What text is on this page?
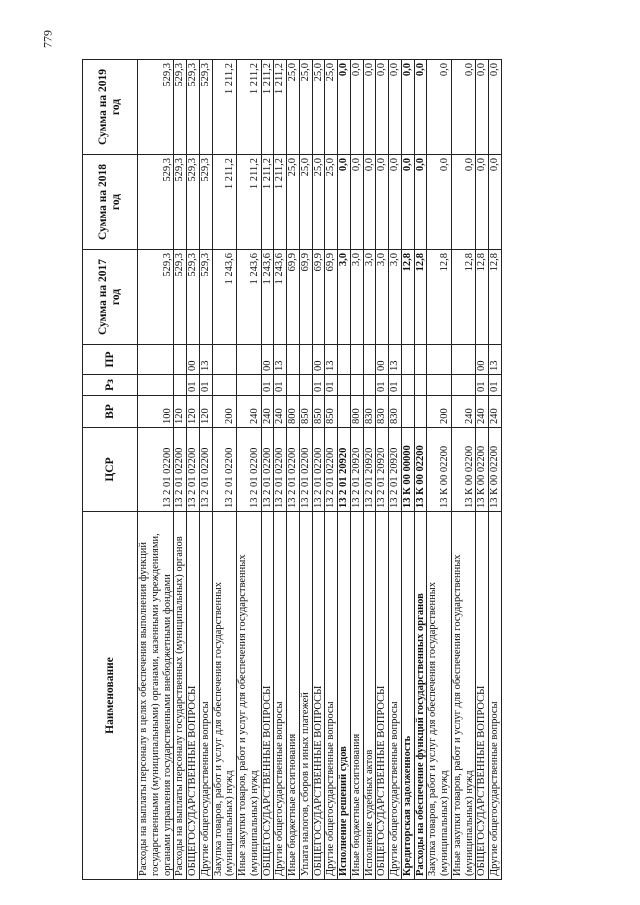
779
Наименование	ЦСР	ВР	Рз	ПР	Сумма на 2017 год	Сумма на 2018 год	Сумма на 2019 год
Расходы на выплаты персоналу в целях обеспечения выполнения функций государственными (муниципальными) органами, казенными учреждениями, органами управления государственными внебюджетными фондами	13 2 01 02200	100			529,3	529,3	529,3
Расходы на выплаты персоналу государственных (муниципальных) органов	13 2 01 02200	120			529,3	529,3	529,3
ОБЩЕГОСУДАРСТВЕННЫЕ ВОПРОСЫ	13 2 01 02200	120	01	00	529,3	529,3	529,3
Другие общегосударственные вопросы	13 2 01 02200	120	01	13	529,3	529,3	529,3
Закупка товаров, работ и услуг для обеспечения государственных (муниципальных) нужд	13 2 01 02200	200			1 243,6	1 211,2	1 211,2
Иные закупки товаров, работ и услуг для обеспечения государственных (муниципальных) нужд	13 2 01 02200	240			1 243,6	1 211,2	1 211,2
ОБЩЕГОСУДАРСТВЕННЫЕ ВОПРОСЫ	13 2 01 02200	240	01	00	1 243,6	1 211,2	1 211,2
Другие общегосударственные вопросы	13 2 01 02200	240	01	13	1 243,6	1 211,2	1 211,2
Иные бюджетные ассигнования	13 2 01 02200	800			69,9	25,0	25,0
Уплата налогов, сборов и иных платежей	13 2 01 02200	850			69,9	25,0	25,0
ОБЩЕГОСУДАРСТВЕННЫЕ ВОПРОСЫ	13 2 01 02200	850	01	00	69,9	25,0	25,0
Другие общегосударственные вопросы	13 2 01 02200	850	01	13	69,9	25,0	25,0
Исполнение решений судов	13 2 01 20920				3,0	0,0	0,0
Иные бюджетные ассигнования	13 2 01 20920	800			3,0	0,0	0,0
Исполнение судебных актов	13 2 01 20920	830			3,0	0,0	0,0
ОБЩЕГОСУДАРСТВЕННЫЕ ВОПРОСЫ	13 2 01 20920	830	01	00	3,0	0,0	0,0
Другие общегосударственные вопросы	13 2 01 20920	830	01	13	3,0	0,0	0,0
Кредиторская задолженность	13 К 00 00000				12,8	0,0	0,0
Расходы на обеспечение функций государственных органов	13 К 00 02200				12,8	0,0	0,0
Закупка товаров, работ и услуг для обеспечения государственных (муниципальных) нужд	13 К 00 02200	200			12,8	0,0	0,0
Иные закупки товаров, работ и услуг для обеспечения государственных (муниципальных) нужд	13 К 00 02200	240			12,8	0,0	0,0
ОБЩЕГОСУДАРСТВЕННЫЕ ВОПРОСЫ	13 К 00 02200	240	01	00	12,8	0,0	0,0
Другие общегосударственные вопросы	13 К 00 02200	240	01	13	12,8	0,0	0,0
